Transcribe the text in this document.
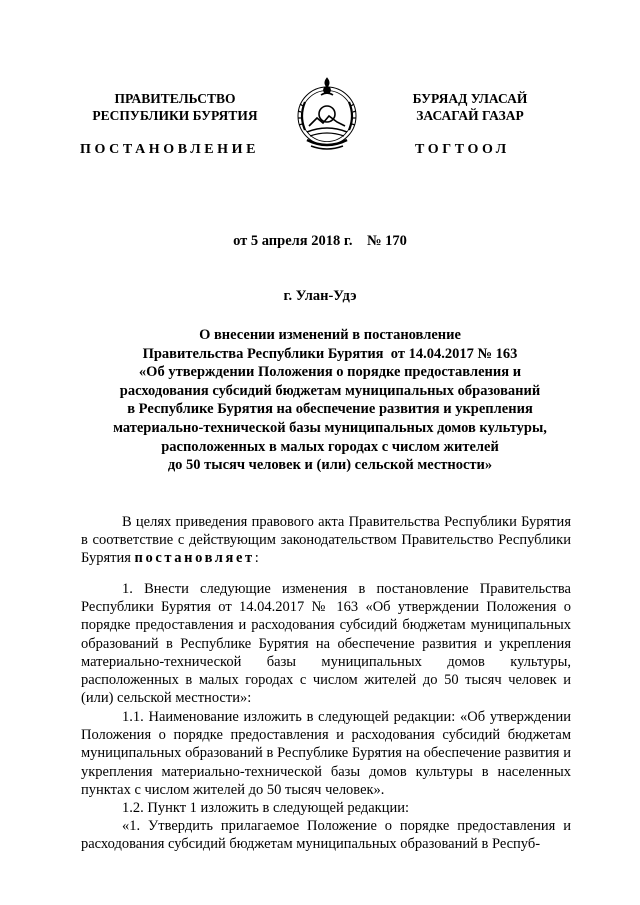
ПРАВИТЕЛЬСТВО
РЕСПУБЛИКИ БУРЯТИЯ
БУРЯАД УЛАСАЙ
ЗАСАГАЙ ГАЗАР
ПОСТАНОВЛЕНИЕ	ТОГТООЛ
от 5 апреля 2018 г.    № 170
г. Улан-Удэ
О внесении изменений в постановление
Правительства Республики Бурятия  от 14.04.2017 № 163
«Об утверждении Положения о порядке предоставления и
расходования субсидий бюджетам муниципальных образований
в Республике Бурятия на обеспечение развития и укрепления
материально-технической базы муниципальных домов культуры,
расположенных в малых городах с числом жителей
до 50 тысяч человек и (или) сельской местности»
В целях приведения правового акта Правительства Республики Бурятия в соответствие с действующим законодательством Правительство Республики Бурятия постановляет:
1. Внести следующие изменения в постановление Правительства Республики Бурятия от 14.04.2017 № 163 «Об утверждении Положения о порядке предоставления и расходования субсидий бюджетам муниципальных образований в Республике Бурятия на обеспечение развития и укрепления материально-технической базы муниципальных домов культуры, расположенных в малых городах с числом жителей до 50 тысяч человек и (или) сельской местности»:
1.1. Наименование изложить в следующей редакции: «Об утверждении Положения о порядке предоставления и расходования субсидий бюджетам муниципальных образований в Республике Бурятия на обеспечение развития и укрепления материально-технической базы домов культуры в населенных пунктах с числом жителей до 50 тысяч человек».
1.2. Пункт 1 изложить в следующей редакции:
«1. Утвердить прилагаемое Положение о порядке предоставления и расходования субсидий бюджетам муниципальных образований в Респуб-
